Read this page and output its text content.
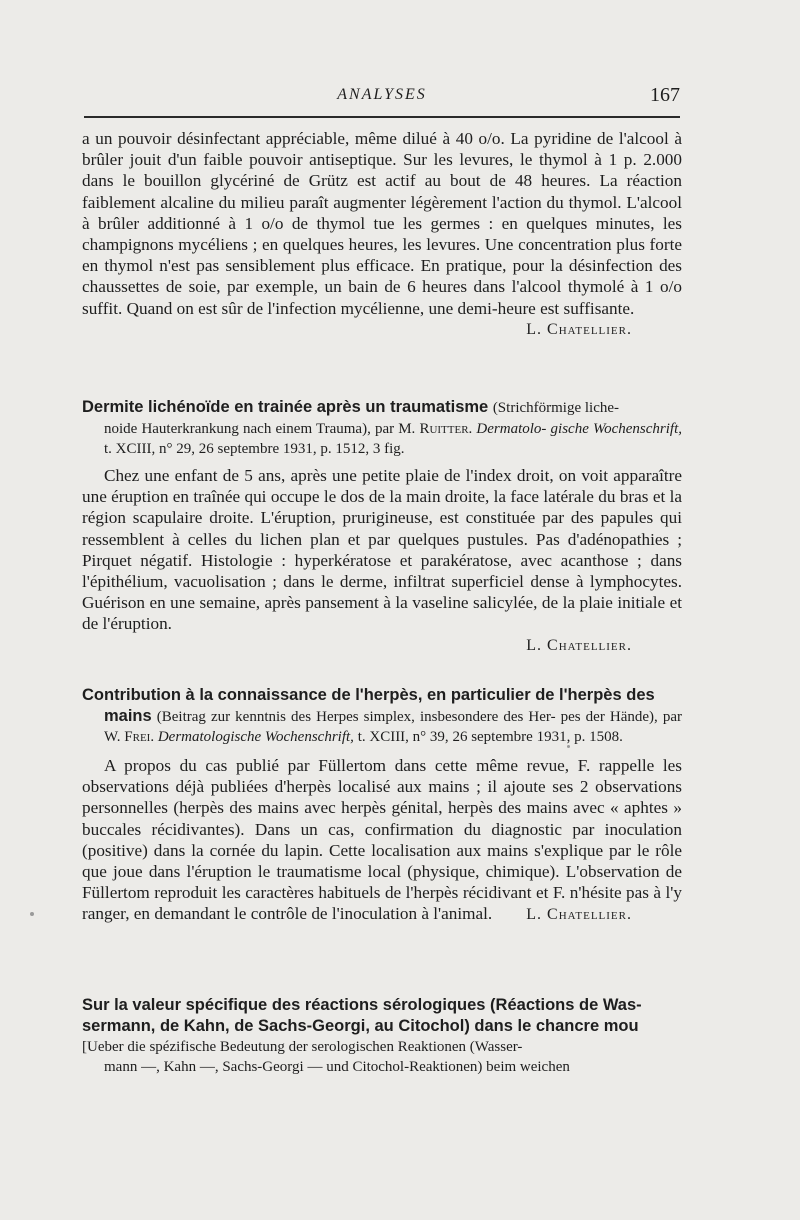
ANALYSES	167

a un pouvoir désinfectant appréciable, même dilué à 40 o/o. La pyridine de l'alcool à brûler jouit d'un faible pouvoir antiseptique. Sur les levures, le thymol à 1 p. 2.000 dans le bouillon glycériné de Grütz est actif au bout de 48 heures. La réaction faiblement alcaline du milieu paraît augmenter légèrement l'action du thymol. L'alcool à brûler additionné à 1 o/o de thymol tue les germes : en quelques minutes, les champignons mycéliens ; en quelques heures, les levures. Une concentration plus forte en thymol n'est pas sensiblement plus efficace. En pratique, pour la désinfection des chaussettes de soie, par exemple, un bain de 6 heures dans l'alcool thymolé à 1 o/o suffit. Quand on est sûr de l'infection mycélienne, une demi-heure est suffisante.

L. Chatellier.

Dermite lichénoïde en trainée après un traumatisme (Strichförmige liche-

noide Hauterkrankung nach einem Trauma), par M. Ruitter. Dermatolo- gische Wochenschrift, t. XCIII, n° 29, 26 septembre 1931, p. 1512, 3 fig.

Chez une enfant de 5 ans, après une petite plaie de l'index droit, on voit apparaître une éruption en traînée qui occupe le dos de la main droite, la face latérale du bras et la région scapulaire droite. L'éruption, prurigineuse, est constituée par des papules qui ressemblent à celles du lichen plan et par quelques pustules. Pas d'adénopathies ; Pirquet négatif. Histologie : hyperkératose et parakératose, avec acanthose ; dans l'épithélium, vacuolisation ; dans le derme, infiltrat superficiel dense à lymphocytes. Guérison en une semaine, après pansement à la vaseline salicylée, de la plaie initiale et de l'éruption.

L. Chatellier.

Contribution à la connaissance de l'herpès, en particulier de l'herpès des

mains (Beitrag zur kenntnis des Herpes simplex, insbesondere des Her- pes der Hände), par W. Frei. Dermatologische Wochenschrift, t. XCIII, n° 39, 26 septembre 1931, p. 1508.

A propos du cas publié par Füllertom dans cette même revue, F. rappelle les observations déjà publiées d'herpès localisé aux mains ; il ajoute ses 2 observations personnelles (herpès des mains avec herpès génital, herpès des mains avec « aphtes » buccales récidivantes). Dans un cas, confirmation du diagnostic par inoculation (positive) dans la cornée du lapin. Cette localisation aux mains s'explique par le rôle que joue dans l'éruption le traumatisme local (physique, chimique). L'observation de Füllertom reproduit les caractères habituels de l'herpès récidivant et F. n'hésite pas à l'y ranger, en demandant le contrôle de l'inoculation à l'animal.	L. Chatellier.

Sur la valeur spécifique des réactions sérologiques (Réactions de Was-

sermann, de Kahn, de Sachs-Georgi, au Citochol) dans le chancre mou

[Ueber die spézifische Bedeutung der serologischen Reaktionen (Wasser-

mann —, Kahn —, Sachs-Georgi — und Citochol-Reaktionen) beim weichen
